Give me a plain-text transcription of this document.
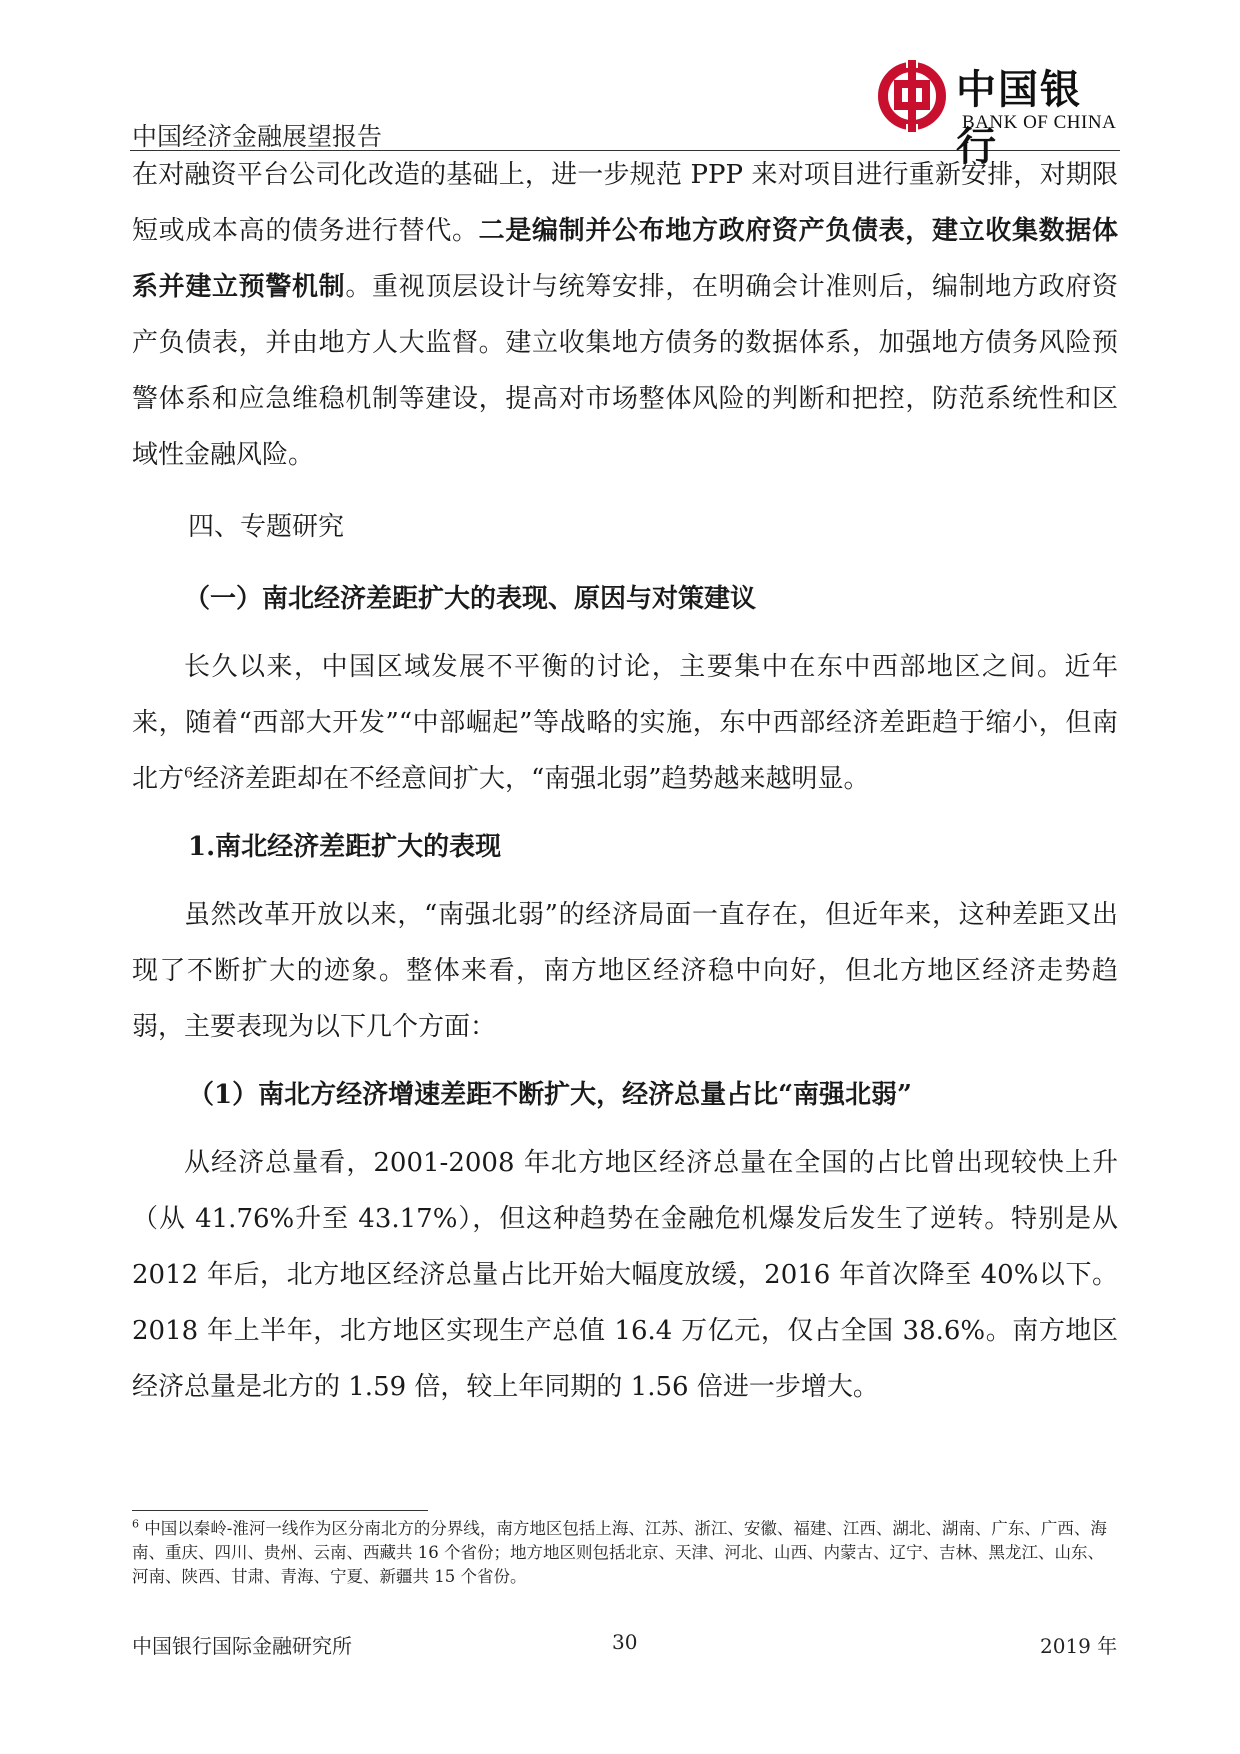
中国经济金融展望报告
中国银行
BANK OF CHINA

在对融资平台公司化改造的基础上，进一步规范 PPP 来对项目进行重新安排，对期限短或成本高的债务进行替代。二是编制并公布地方政府资产负债表，建立收集数据体系并建立预警机制。重视顶层设计与统筹安排，在明确会计准则后，编制地方政府资产负债表，并由地方人大监督。建立收集地方债务的数据体系，加强地方债务风险预警体系和应急维稳机制等建设，提高对市场整体风险的判断和把控，防范系统性和区域性金融风险。

四、专题研究
（一）南北经济差距扩大的表现、原因与对策建议

长久以来，中国区域发展不平衡的讨论，主要集中在东中西部地区之间。近年来，随着“西部大开发”“中部崛起”等战略的实施，东中西部经济差距趋于缩小，但南北方$^6$经济差距却在不经意间扩大，“南强北弱”趋势越来越明显。

1.南北经济差距扩大的表现

虽然改革开放以来，“南强北弱”的经济局面一直存在，但近年来，这种差距又出现了不断扩大的迹象。整体来看，南方地区经济稳中向好，但北方地区经济走势趋弱，主要表现为以下几个方面：

（1）南北方经济增速差距不断扩大，经济总量占比“南强北弱”

从经济总量看，2001-2008 年北方地区经济总量在全国的占比曾出现较快上升（从 41.76%升至 43.17%），但这种趋势在金融危机爆发后发生了逆转。特别是从 2012 年后，北方地区经济总量占比开始大幅度放缓，2016 年首次降至 40%以下。2018 年上半年，北方地区实现生产总值 16.4 万亿元，仅占全国 38.6%。南方地区经济总量是北方的 1.59 倍，较上年同期的 1.56 倍进一步增大。

$^6$ 中国以秦岭-淮河一线作为区分南北方的分界线，南方地区包括上海、江苏、浙江、安徽、福建、江西、湖北、湖南、广东、广西、海南、重庆、四川、贵州、云南、西藏共 16 个省份；地方地区则包括北京、天津、河北、山西、内蒙古、辽宁、吉林、黑龙江、山东、河南、陕西、甘肃、青海、宁夏、新疆共 15 个省份。
中国银行国际金融研究所	30	2019 年
